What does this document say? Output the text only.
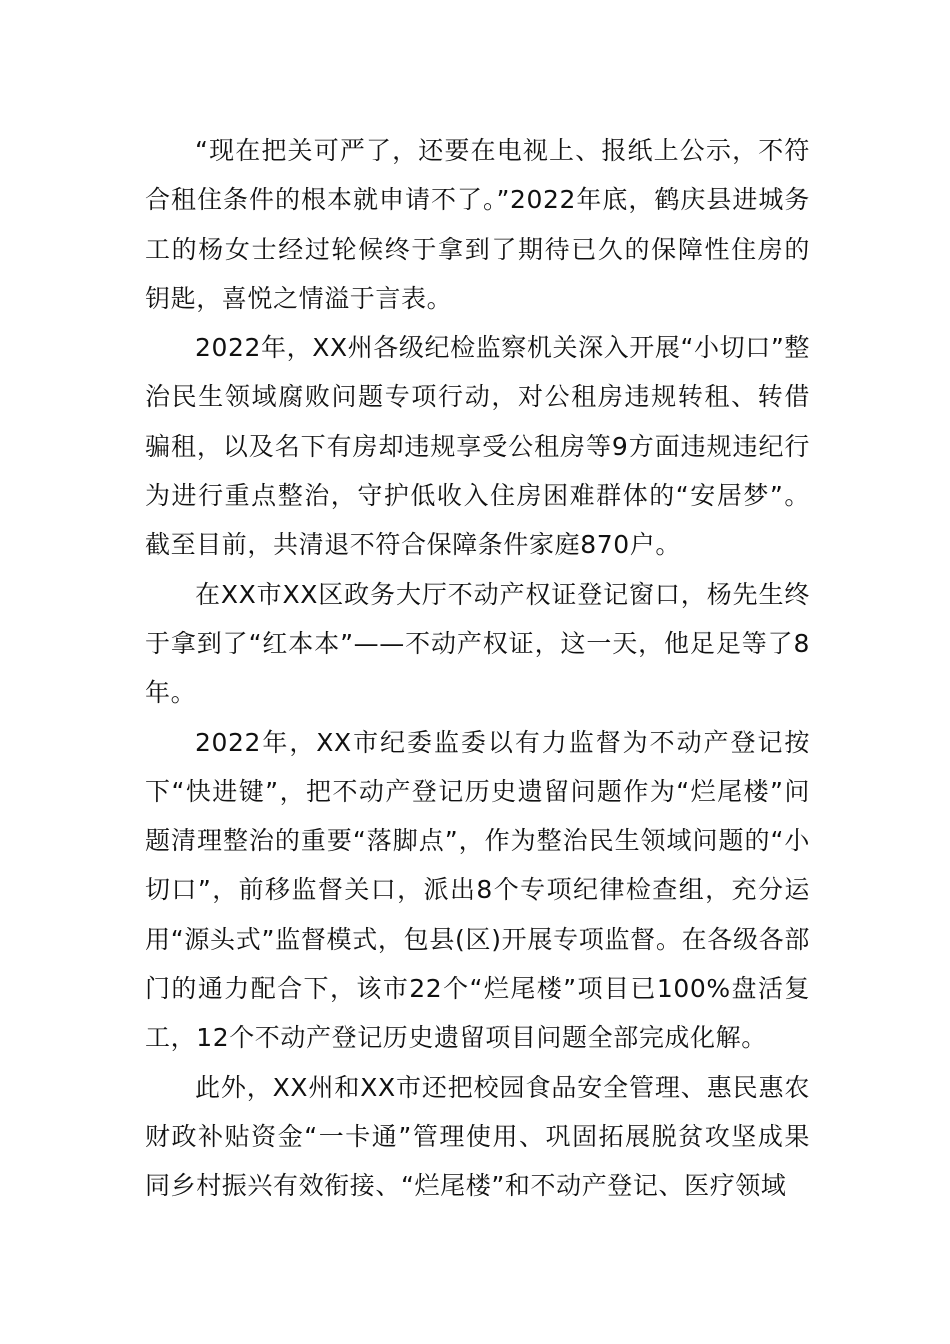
“现在把关可严了，还要在电视上、报纸上公示，不符合租住条件的根本就申请不了。”2022年底，鹤庆县进城务工的杨女士经过轮候终于拿到了期待已久的保障性住房的钥匙，喜悦之情溢于言表。

2022年，XX州各级纪检监察机关深入开展“小切口”整治民生领域腐败问题专项行动，对公租房违规转租、转借骗租，以及名下有房却违规享受公租房等9方面违规违纪行为进行重点整治，守护低收入住房困难群体的“安居梦”。截至目前，共清退不符合保障条件家庭870户。

在XX市XX区政务大厅不动产权证登记窗口，杨先生终于拿到了“红本本”——不动产权证，这一天，他足足等了8年。

2022年，XX市纪委监委以有力监督为不动产登记按下“快进键”，把不动产登记历史遗留问题作为“烂尾楼”问题清理整治的重要“落脚点”，作为整治民生领域问题的“小切口”，前移监督关口，派出8个专项纪律检查组，充分运用“源头式”监督模式，包县(区)开展专项监督。在各级各部门的通力配合下，该市22个“烂尾楼”项目已100%盘活复工，12个不动产登记历史遗留项目问题全部完成化解。

此外，XX州和XX市还把校园食品安全管理、惠民惠农财政补贴资金“一卡通”管理使用、巩固拓展脱贫攻坚成果同乡村振兴有效衔接、“烂尾楼”和不动产登记、医疗领域
